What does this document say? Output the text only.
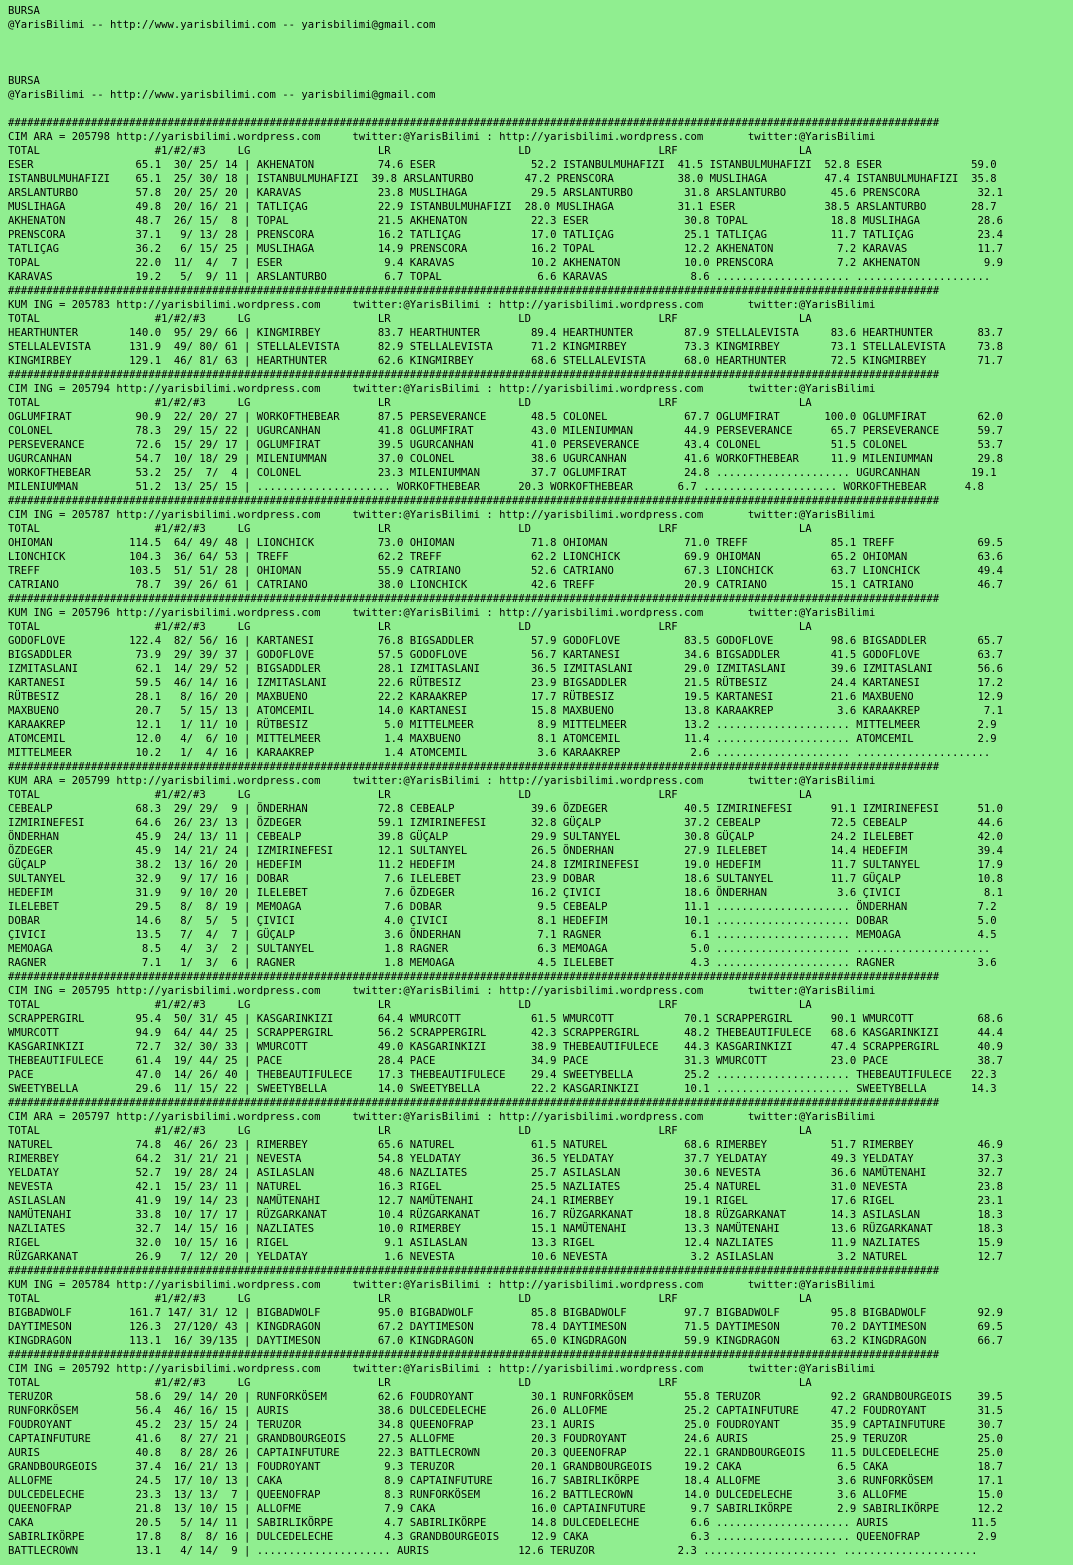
BURSA
@YarisBilimi -- http://www.yarisbilimi.com -- yarisbilimi@gmail.com
BURSA
@YarisBilimi -- http://www.yarisbilimi.com -- yarisbilimi@gmail.com
##################################################################################################################################################
CIM ARA = 205798 http://yarisbilimi.wordpress.com     twitter:@YarisBilimi : http://yarisbilimi.wordpress.com       twitter:@YarisBilimi
TOTAL                  #1/#2/#3     LG                    LR                    LD                    LRF                   LA
ESER                65.1  30/ 25/ 14 | AKHENATON          74.6 ESER               52.2 ISTANBULMUHAFIZI  41.5 ISTANBULMUHAFIZI  52.8 ESER              59.0
ISTANBULMUHAFIZI    65.1  25/ 30/ 18 | ISTANBULMUHAFIZI  39.8 ARSLANTURBO        47.2 PRENSCORA          38.0 MUSLIHAGA         47.4 ISTANBULMUHAFIZI  35.8
ARSLANTURBO         57.8  20/ 25/ 20 | KARAVAS            23.8 MUSLIHAGA          29.5 ARSLANTURBO        31.8 ARSLANTURBO       45.6 PRENSCORA         32.1
MUSLIHAGA           49.8  20/ 16/ 21 | TATLIÇAG           22.9 ISTANBULMUHAFIZI  28.0 MUSLIHAGA          31.1 ESER              38.5 ARSLANTURBO       28.7
AKHENATON           48.7  26/ 15/  8 | TOPAL              21.5 AKHENATON          22.3 ESER               30.8 TOPAL             18.8 MUSLIHAGA         28.6
PRENSCORA           37.1   9/ 13/ 28 | PRENSCORA          16.2 TATLIÇAG           17.0 TATLIÇAG           25.1 TATLIÇAG          11.7 TATLIÇAG          23.4
TATLIÇAG            36.2   6/ 15/ 25 | MUSLIHAGA          14.9 PRENSCORA          16.2 TOPAL              12.2 AKHENATON          7.2 KARAVAS           11.7
TOPAL               22.0  11/  4/  7 | ESER                9.4 KARAVAS            10.2 AKHENATON          10.0 PRENSCORA          7.2 AKHENATON          9.9
KARAVAS             19.2   5/  9/ 11 | ARSLANTURBO         6.7 TOPAL               6.6 KARAVAS             8.6 ..................... .....................
##################################################################################################################################################
KUM ING = 205783 http://yarisbilimi.wordpress.com     twitter:@YarisBilimi : http://yarisbilimi.wordpress.com       twitter:@YarisBilimi
TOTAL                  #1/#2/#3     LG                    LR                    LD                    LRF                   LA
HEARTHUNTER        140.0  95/ 29/ 66 | KINGMIRBEY         83.7 HEARTHUNTER        89.4 HEARTHUNTER        87.9 STELLALEVISTA     83.6 HEARTHUNTER       83.7
STELLALEVISTA      131.9  49/ 80/ 61 | STELLALEVISTA      82.9 STELLALEVISTA      71.2 KINGMIRBEY         73.3 KINGMIRBEY        73.1 STELLALEVISTA     73.8
KINGMIRBEY         129.1  46/ 81/ 63 | HEARTHUNTER        62.6 KINGMIRBEY         68.6 STELLALEVISTA      68.0 HEARTHUNTER       72.5 KINGMIRBEY        71.7
##################################################################################################################################################
CIM ING = 205794 http://yarisbilimi.wordpress.com     twitter:@YarisBilimi : http://yarisbilimi.wordpress.com       twitter:@YarisBilimi
TOTAL                  #1/#2/#3     LG                    LR                    LD                    LRF                   LA
OGLUMFIRAT          90.9  22/ 20/ 27 | WORKOFTHEBEAR      87.5 PERSEVERANCE       48.5 COLONEL            67.7 OGLUMFIRAT       100.0 OGLUMFIRAT        62.0
COLONEL             78.3  29/ 15/ 22 | UGURCANHAN         41.8 OGLUMFIRAT         43.0 MILENIUMMAN        44.9 PERSEVERANCE      65.7 PERSEVERANCE      59.7
PERSEVERANCE        72.6  15/ 29/ 17 | OGLUMFIRAT         39.5 UGURCANHAN         41.0 PERSEVERANCE       43.4 COLONEL           51.5 COLONEL           53.7
UGURCANHAN          54.7  10/ 18/ 29 | MILENIUMMAN        37.0 COLONEL            38.6 UGURCANHAN         41.6 WORKOFTHEBEAR     11.9 MILENIUMMAN       29.8
WORKOFTHEBEAR       53.2  25/  7/  4 | COLONEL            23.3 MILENIUMMAN        37.7 OGLUMFIRAT         24.8 ..................... UGURCANHAN        19.1
MILENIUMMAN         51.2  13/ 25/ 15 | ..................... WORKOFTHEBEAR      20.3 WORKOFTHEBEAR       6.7 ..................... WORKOFTHEBEAR      4.8
##################################################################################################################################################
CIM ING = 205787 http://yarisbilimi.wordpress.com     twitter:@YarisBilimi : http://yarisbilimi.wordpress.com       twitter:@YarisBilimi
TOTAL                  #1/#2/#3     LG                    LR                    LD                    LRF                   LA
OHIOMAN            114.5  64/ 49/ 48 | LIONCHICK          73.0 OHIOMAN            71.8 OHIOMAN            71.0 TREFF             85.1 TREFF             69.5
LIONCHICK          104.3  36/ 64/ 53 | TREFF              62.2 TREFF              62.2 LIONCHICK          69.9 OHIOMAN           65.2 OHIOMAN           63.6
TREFF              103.5  51/ 51/ 28 | OHIOMAN            55.9 CATRIANO           52.6 CATRIANO           67.3 LIONCHICK         63.7 LIONCHICK         49.4
CATRIANO            78.7  39/ 26/ 61 | CATRIANO           38.0 LIONCHICK          42.6 TREFF              20.9 CATRIANO          15.1 CATRIANO          46.7
##################################################################################################################################################
KUM ING = 205796 http://yarisbilimi.wordpress.com     twitter:@YarisBilimi : http://yarisbilimi.wordpress.com       twitter:@YarisBilimi
TOTAL                  #1/#2/#3     LG                    LR                    LD                    LRF                   LA
GODOFLOVE          122.4  82/ 56/ 16 | KARTANESI          76.8 BIGSADDLER         57.9 GODOFLOVE          83.5 GODOFLOVE         98.6 BIGSADDLER        65.7
BIGSADDLER          73.9  29/ 39/ 37 | GODOFLOVE          57.5 GODOFLOVE          56.7 KARTANESI          34.6 BIGSADDLER        41.5 GODOFLOVE         63.7
IZMITASLANI         62.1  14/ 29/ 52 | BIGSADDLER         28.1 IZMITASLANI        36.5 IZMITASLANI        29.0 IZMITASLANI       39.6 IZMITASLANI       56.6
KARTANESI           59.5  46/ 14/ 16 | IZMITASLANI        22.6 RÜTBESIZ           23.9 BIGSADDLER         21.5 RÜTBESIZ          24.4 KARTANESI         17.2
RÜTBESIZ            28.1   8/ 16/ 20 | MAXBUENO           22.2 KARAAKREP          17.7 RÜTBESIZ           19.5 KARTANESI         21.6 MAXBUENO          12.9
MAXBUENO            20.7   5/ 15/ 13 | ATOMCEMIL          14.0 KARTANESI          15.8 MAXBUENO           13.8 KARAAKREP          3.6 KARAAKREP          7.1
KARAAKREP           12.1   1/ 11/ 10 | RÜTBESIZ            5.0 MITTELMEER          8.9 MITTELMEER         13.2 ..................... MITTELMEER         2.9
ATOMCEMIL           12.0   4/  6/ 10 | MITTELMEER          1.4 MAXBUENO            8.1 ATOMCEMIL          11.4 ..................... ATOMCEMIL          2.9
MITTELMEER          10.2   1/  4/ 16 | KARAAKREP           1.4 ATOMCEMIL           3.6 KARAAKREP           2.6 ..................... .....................
##################################################################################################################################################
KUM ARA = 205799 http://yarisbilimi.wordpress.com     twitter:@YarisBilimi : http://yarisbilimi.wordpress.com       twitter:@YarisBilimi
TOTAL                  #1/#2/#3     LG                    LR                    LD                    LRF                   LA
CEBEALP             68.3  29/ 29/  9 | ÖNDERHAN           72.8 CEBEALP            39.6 ÖZDEGER            40.5 IZMIRINEFESI      91.1 IZMIRINEFESI      51.0
IZMIRINEFESI        64.6  26/ 23/ 13 | ÖZDEGER            59.1 IZMIRINEFESI       32.8 GÜÇALP             37.2 CEBEALP           72.5 CEBEALP           44.6
ÖNDERHAN            45.9  24/ 13/ 11 | CEBEALP            39.8 GÜÇALP             29.9 SULTANYEL          30.8 GÜÇALP            24.2 ILELEBET          42.0
ÖZDEGER             45.9  14/ 21/ 24 | IZMIRINEFESI       12.1 SULTANYEL          26.5 ÖNDERHAN           27.9 ILELEBET          14.4 HEDEFIM           39.4
GÜÇALP              38.2  13/ 16/ 20 | HEDEFIM            11.2 HEDEFIM            24.8 IZMIRINEFESI       19.0 HEDEFIM           11.7 SULTANYEL         17.9
SULTANYEL           32.9   9/ 17/ 16 | DOBAR               7.6 ILELEBET           23.9 DOBAR              18.6 SULTANYEL         11.7 GÜÇALP            10.8
HEDEFIM             31.9   9/ 10/ 20 | ILELEBET            7.6 ÖZDEGER            16.2 ÇIVICI             18.6 ÖNDERHAN           3.6 ÇIVICI             8.1
ILELEBET            29.5   8/  8/ 19 | MEMOAGA             7.6 DOBAR               9.5 CEBEALP            11.1 ..................... ÖNDERHAN           7.2
DOBAR               14.6   8/  5/  5 | ÇIVICI              4.0 ÇIVICI              8.1 HEDEFIM            10.1 ..................... DOBAR              5.0
ÇIVICI              13.5   7/  4/  7 | GÜÇALP              3.6 ÖNDERHAN            7.1 RAGNER              6.1 ..................... MEMOAGA            4.5
MEMOAGA              8.5   4/  3/  2 | SULTANYEL           1.8 RAGNER              6.3 MEMOAGA             5.0 ..................... .....................
RAGNER               7.1   1/  3/  6 | RAGNER              1.8 MEMOAGA             4.5 ILELEBET            4.3 ..................... RAGNER             3.6
##################################################################################################################################################
CIM ING = 205795 http://yarisbilimi.wordpress.com     twitter:@YarisBilimi : http://yarisbilimi.wordpress.com       twitter:@YarisBilimi
TOTAL                  #1/#2/#3     LG                    LR                    LD                    LRF                   LA
SCRAPPERGIRL        95.4  50/ 31/ 45 | KASGARINKIZI       64.4 WMURCOTT           61.5 WMURCOTT           70.1 SCRAPPERGIRL      90.1 WMURCOTT          68.6
WMURCOTT            94.9  64/ 44/ 25 | SCRAPPERGIRL       56.2 SCRAPPERGIRL       42.3 SCRAPPERGIRL       48.2 THEBEAUTIFULECE   68.6 KASGARINKIZI      44.4
KASGARINKIZI        72.7  32/ 30/ 33 | WMURCOTT           49.0 KASGARINKIZI       38.9 THEBEAUTIFULECE    44.3 KASGARINKIZI      47.4 SCRAPPERGIRL      40.9
THEBEAUTIFULECE     61.4  19/ 44/ 25 | PACE               28.4 PACE               34.9 PACE               31.3 WMURCOTT          23.0 PACE              38.7
PACE                47.0  14/ 26/ 40 | THEBEAUTIFULECE    17.3 THEBEAUTIFULECE    29.4 SWEETYBELLA        25.2 ..................... THEBEAUTIFULECE   22.3
SWEETYBELLA         29.6  11/ 15/ 22 | SWEETYBELLA        14.0 SWEETYBELLA        22.2 KASGARINKIZI       10.1 ..................... SWEETYBELLA       14.3
##################################################################################################################################################
CIM ARA = 205797 http://yarisbilimi.wordpress.com     twitter:@YarisBilimi : http://yarisbilimi.wordpress.com       twitter:@YarisBilimi
TOTAL                  #1/#2/#3     LG                    LR                    LD                    LRF                   LA
NATUREL             74.8  46/ 26/ 23 | RIMERBEY           65.6 NATUREL            61.5 NATUREL            68.6 RIMERBEY          51.7 RIMERBEY          46.9
RIMERBEY            64.2  31/ 21/ 21 | NEVESTA            54.8 YELDATAY           36.5 YELDATAY           37.7 YELDATAY          49.3 YELDATAY          37.3
YELDATAY            52.7  19/ 28/ 24 | ASILASLAN          48.6 NAZLIATES          25.7 ASILASLAN          30.6 NEVESTA           36.6 NAMÜTENAHI        32.7
NEVESTA             42.1  15/ 23/ 11 | NATUREL            16.3 RIGEL              25.5 NAZLIATES          25.4 NATUREL           31.0 NEVESTA           23.8
ASILASLAN           41.9  19/ 14/ 23 | NAMÜTENAHI         12.7 NAMÜTENAHI         24.1 RIMERBEY           19.1 RIGEL             17.6 RIGEL             23.1
NAMÜTENAHI          33.8  10/ 17/ 17 | RÜZGARKANAT        10.4 RÜZGARKANAT        16.7 RÜZGARKANAT        18.8 RÜZGARKANAT       14.3 ASILASLAN         18.3
NAZLIATES           32.7  14/ 15/ 16 | NAZLIATES          10.0 RIMERBEY           15.1 NAMÜTENAHI         13.3 NAMÜTENAHI        13.6 RÜZGARKANAT       18.3
RIGEL               32.0  10/ 15/ 16 | RIGEL               9.1 ASILASLAN          13.3 RIGEL              12.4 NAZLIATES         11.9 NAZLIATES         15.9
RÜZGARKANAT         26.9   7/ 12/ 20 | YELDATAY            1.6 NEVESTA            10.6 NEVESTA             3.2 ASILASLAN          3.2 NATUREL           12.7
##################################################################################################################################################
KUM ING = 205784 http://yarisbilimi.wordpress.com     twitter:@YarisBilimi : http://yarisbilimi.wordpress.com       twitter:@YarisBilimi
TOTAL                  #1/#2/#3     LG                    LR                    LD                    LRF                   LA
BIGBADWOLF         161.7 147/ 31/ 12 | BIGBADWOLF         95.0 BIGBADWOLF         85.8 BIGBADWOLF         97.7 BIGBADWOLF        95.8 BIGBADWOLF        92.9
DAYTIMESON         126.3  27/120/ 43 | KINGDRAGON         67.2 DAYTIMESON         78.4 DAYTIMESON         71.5 DAYTIMESON        70.2 DAYTIMESON        69.5
KINGDRAGON         113.1  16/ 39/135 | DAYTIMESON         67.0 KINGDRAGON         65.0 KINGDRAGON         59.9 KINGDRAGON        63.2 KINGDRAGON        66.7
##################################################################################################################################################
CIM ING = 205792 http://yarisbilimi.wordpress.com     twitter:@YarisBilimi : http://yarisbilimi.wordpress.com       twitter:@YarisBilimi
TOTAL                  #1/#2/#3     LG                    LR                    LD                    LRF                   LA
TERUZOR             58.6  29/ 14/ 20 | RUNFORKÖSEM        62.6 FOUDROYANT         30.1 RUNFORKÖSEM        55.8 TERUZOR           92.2 GRANDBOURGEOIS    39.5
RUNFORKÖSEM         56.4  46/ 16/ 15 | AURIS              38.6 DULCEDELECHE       26.0 ALLOFME            25.2 CAPTAINFUTURE     47.2 FOUDROYANT        31.5
FOUDROYANT          45.2  23/ 15/ 24 | TERUZOR            34.8 QUEENOFRAP         23.1 AURIS              25.0 FOUDROYANT        35.9 CAPTAINFUTURE     30.7
CAPTAINFUTURE       41.6   8/ 27/ 21 | GRANDBOURGEOIS     27.5 ALLOFME            20.3 FOUDROYANT         24.6 AURIS             25.9 TERUZOR           25.0
AURIS               40.8   8/ 28/ 26 | CAPTAINFUTURE      22.3 BATTLECROWN        20.3 QUEENOFRAP         22.1 GRANDBOURGEOIS    11.5 DULCEDELECHE      25.0
GRANDBOURGEOIS      37.4  16/ 21/ 13 | FOUDROYANT          9.3 TERUZOR            20.1 GRANDBOURGEOIS     19.2 CAKA               6.5 CAKA              18.7
ALLOFME             24.5  17/ 10/ 13 | CAKA                8.9 CAPTAINFUTURE      16.7 SABIRLIKÖRPE       18.4 ALLOFME            3.6 RUNFORKÖSEM       17.1
DULCEDELECHE        23.3  13/ 13/  7 | QUEENOFRAP          8.3 RUNFORKÖSEM        16.2 BATTLECROWN        14.0 DULCEDELECHE       3.6 ALLOFME           15.0
QUEENOFRAP          21.8  13/ 10/ 15 | ALLOFME             7.9 CAKA               16.0 CAPTAINFUTURE       9.7 SABIRLIKÖRPE       2.9 SABIRLIKÖRPE      12.2
CAKA                20.5   5/ 14/ 11 | SABIRLIKÖRPE        4.7 SABIRLIKÖRPE       14.8 DULCEDELECHE        6.6 ..................... AURIS             11.5
SABIRLIKÖRPE        17.8   8/  8/ 16 | DULCEDELECHE        4.3 GRANDBOURGEOIS     12.9 CAKA                6.3 ..................... QUEENOFRAP         2.9
BATTLECROWN         13.1   4/ 14/  9 | ..................... AURIS              12.6 TERUZOR             2.3 ..................... .....................
